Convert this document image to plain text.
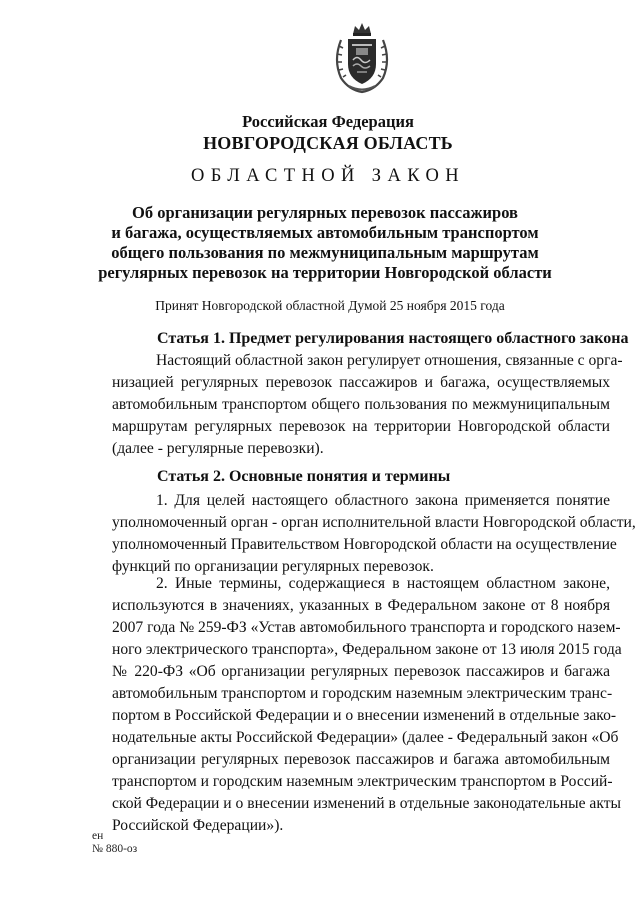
Российская Федерация
НОВГОРОДСКАЯ ОБЛАСТЬ
ОБЛАСТНОЙ ЗАКОН
Об организации регулярных перевозок пассажиров
и багажа, осуществляемых автомобильным транспортом
общего пользования по межмуниципальным маршрутам
регулярных перевозок на территории Новгородской области
Принят Новгородской областной Думой 25 ноября 2015 года
Статья 1. Предмет регулирования настоящего областного закона
Настоящий областной закон регулирует отношения, связанные с орга-
низацией регулярных перевозок пассажиров и багажа, осуществляемых
автомобильным транспортом общего пользования по межмуниципальным
маршрутам регулярных перевозок на территории Новгородской области
(далее - регулярные перевозки).
Статья 2. Основные понятия и термины
1. Для целей настоящего областного закона применяется понятие
уполномоченный орган - орган исполнительной власти Новгородской области,
уполномоченный Правительством Новгородской области на осуществление
функций по организации регулярных перевозок.
2. Иные термины, содержащиеся в настоящем областном законе,
используются в значениях, указанных в Федеральном законе от 8 ноября
2007 года № 259-ФЗ «Устав автомобильного транспорта и городского назем-
ного электрического транспорта», Федеральном законе от 13 июля 2015 года
№ 220-ФЗ «Об организации регулярных перевозок пассажиров и багажа
автомобильным транспортом и городским наземным электрическим транс-
портом в Российской Федерации и о внесении изменений в отдельные зако-
нодательные акты Российской Федерации» (далее - Федеральный закон «Об
организации регулярных перевозок пассажиров и багажа автомобильным
транспортом и городским наземным электрическим транспортом в Россий-
ской Федерации и о внесении изменений в отдельные законодательные акты
Российской Федерации»).
ен
№ 880-оз
